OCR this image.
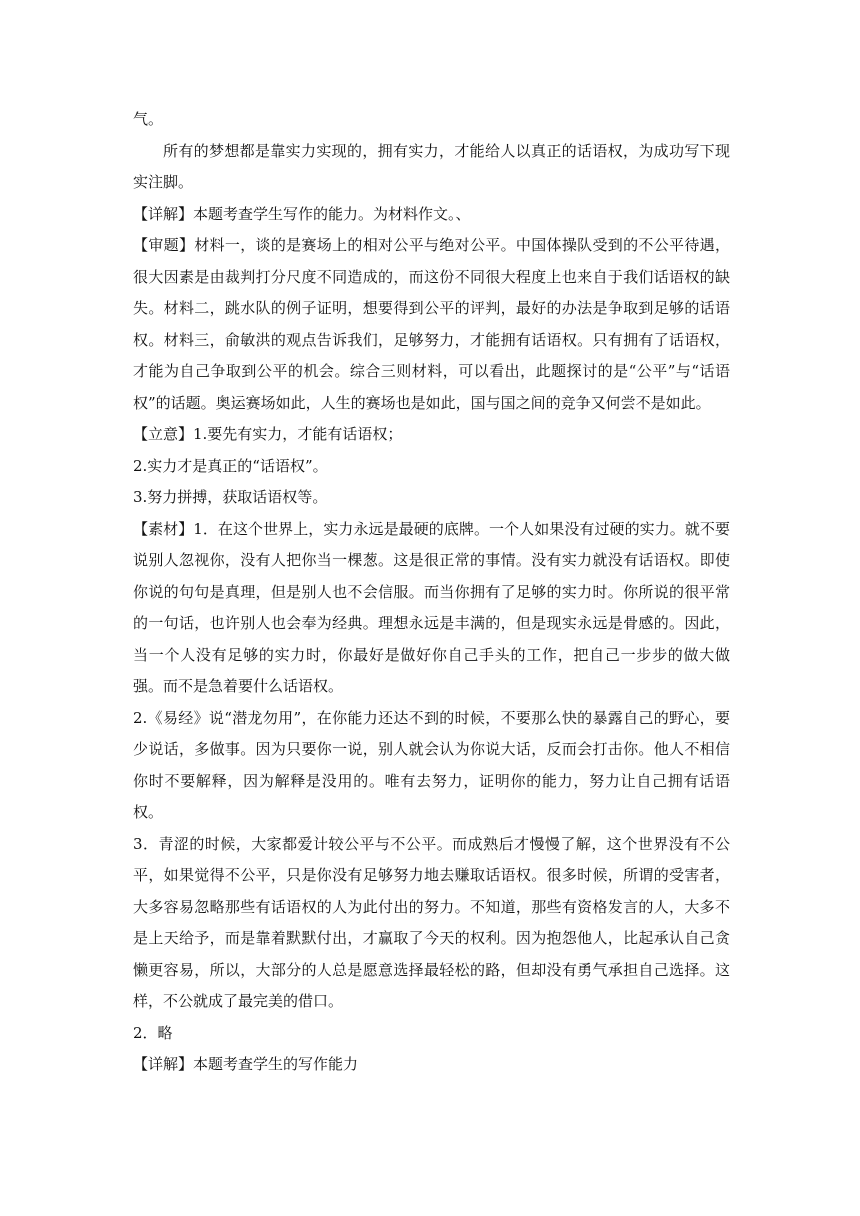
气。

所有的梦想都是靠实力实现的，拥有实力，才能给人以真正的话语权，为成功写下现实注脚。

【详解】本题考查学生写作的能力。为材料作文。、

【审题】材料一，谈的是赛场上的相对公平与绝对公平。中国体操队受到的不公平待遇，很大因素是由裁判打分尺度不同造成的，而这份不同很大程度上也来自于我们话语权的缺失。材料二，跳水队的例子证明，想要得到公平的评判，最好的办法是争取到足够的话语权。材料三，俞敏洪的观点告诉我们，足够努力，才能拥有话语权。只有拥有了话语权，才能为自己争取到公平的机会。综合三则材料，可以看出，此题探讨的是“公平”与“话语权”的话题。奥运赛场如此，人生的赛场也是如此，国与国之间的竞争又何尝不是如此。

【立意】1.要先有实力，才能有话语权；

2.实力才是真正的“话语权”。

3.努力拼搏，获取话语权等。

【素材】1．在这个世界上，实力永远是最硬的底牌。一个人如果没有过硬的实力。就不要说别人忽视你，没有人把你当一棵葱。这是很正常的事情。没有实力就没有话语权。即使你说的句句是真理，但是别人也不会信服。而当你拥有了足够的实力时。你所说的很平常的一句话，也许别人也会奉为经典。理想永远是丰满的，但是现实永远是骨感的。因此，当一个人没有足够的实力时，你最好是做好你自己手头的工作，把自己一步步的做大做强。而不是急着要什么话语权。

2.《易经》说“潜龙勿用”，在你能力还达不到的时候，不要那么快的暴露自己的野心，要少说话，多做事。因为只要你一说，别人就会认为你说大话，反而会打击你。他人不相信你时不要解释，因为解释是没用的。唯有去努力，证明你的能力，努力让自己拥有话语权。

3．青涩的时候，大家都爱计较公平与不公平。而成熟后才慢慢了解，这个世界没有不公平，如果觉得不公平，只是你没有足够努力地去赚取话语权。很多时候，所谓的受害者，大多容易忽略那些有话语权的人为此付出的努力。不知道，那些有资格发言的人，大多不是上天给予，而是靠着默默付出，才赢取了今天的权利。因为抱怨他人，比起承认自己贪懒更容易，所以，大部分的人总是愿意选择最轻松的路，但却没有勇气承担自己选择。这样，不公就成了最完美的借口。

2．略

【详解】本题考查学生的写作能力
